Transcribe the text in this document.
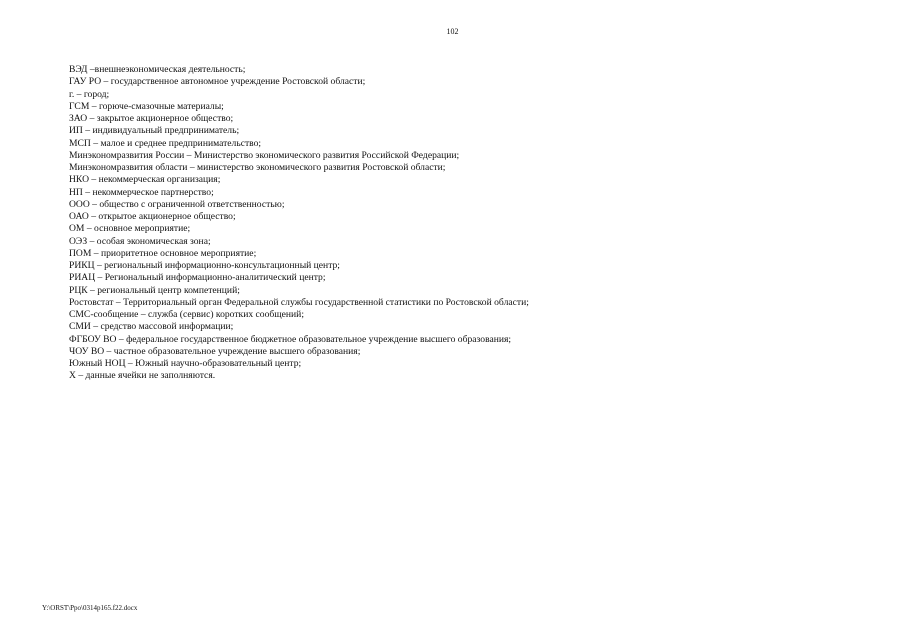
102
ВЭД –внешнеэкономическая деятельность;
ГАУ РО – государственное автономное учреждение Ростовской области;
г. – город;
ГСМ – горюче-смазочные материалы;
ЗАО – закрытое акционерное общество;
ИП – индивидуальный предприниматель;
МСП – малое и среднее предпринимательство;
Минэкономразвития России – Министерство экономического развития Российской Федерации;
Минэкономразвития области – министерство экономического развития Ростовской области;
НКО – некоммерческая организация;
НП – некоммерческое партнерство;
ООО – общество с ограниченной ответственностью;
ОАО – открытое акционерное общество;
ОМ – основное мероприятие;
ОЭЗ – особая экономическая зона;
ПОМ – приоритетное основное мероприятие;
РИКЦ – региональный информационно-консультационный центр;
РИАЦ – Региональный информационно-аналитический центр;
РЦК – региональный центр компетенций;
Ростовстат – Территориальный орган Федеральной службы государственной статистики по Ростовской области;
СМС-сообщение – служба (сервис) коротких сообщений;
СМИ – средство массовой информации;
ФГБОУ ВО – федеральное государственное бюджетное образовательное учреждение высшего образования;
ЧОУ ВО – частное образовательное учреждение высшего образования;
Южный НОЦ – Южный научно-образовательный центр;
Х – данные ячейки не заполняются.
Y:\ORST\Ppo\0314p165.f22.docx
